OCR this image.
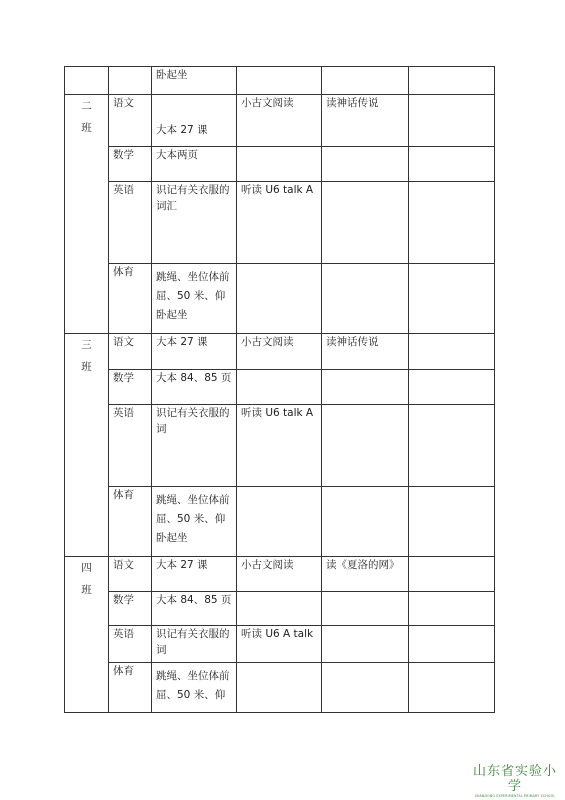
		卧起坐			

二
班	语文	大本 27 课	小古文阅读	读神话传说	
	数学	大本两页			
	英语	识记有关衣服的词汇	听读 U6 talk A		
	体育	跳绳、坐位体前屈、50 米、仰卧起坐			

三
班	语文	大本 27 课	小古文阅读	读神话传说	
	数学	大本 84、85 页			
	英语	识记有关衣服的词	听读 U6 talk A		
	体育	跳绳、坐位体前屈、50 米、仰卧起坐			

四
班	语文	大本 27 课	小古文阅读	读《夏洛的网》	
	数学	大本 84、85 页			
	英语	识记有关衣服的词	听读 U6 A talk		
	体育	跳绳、坐位体前屈、50 米、仰			
山东省实验小学
SHANDONG EXPERIMENTAL PRIMARY SCHOOL
